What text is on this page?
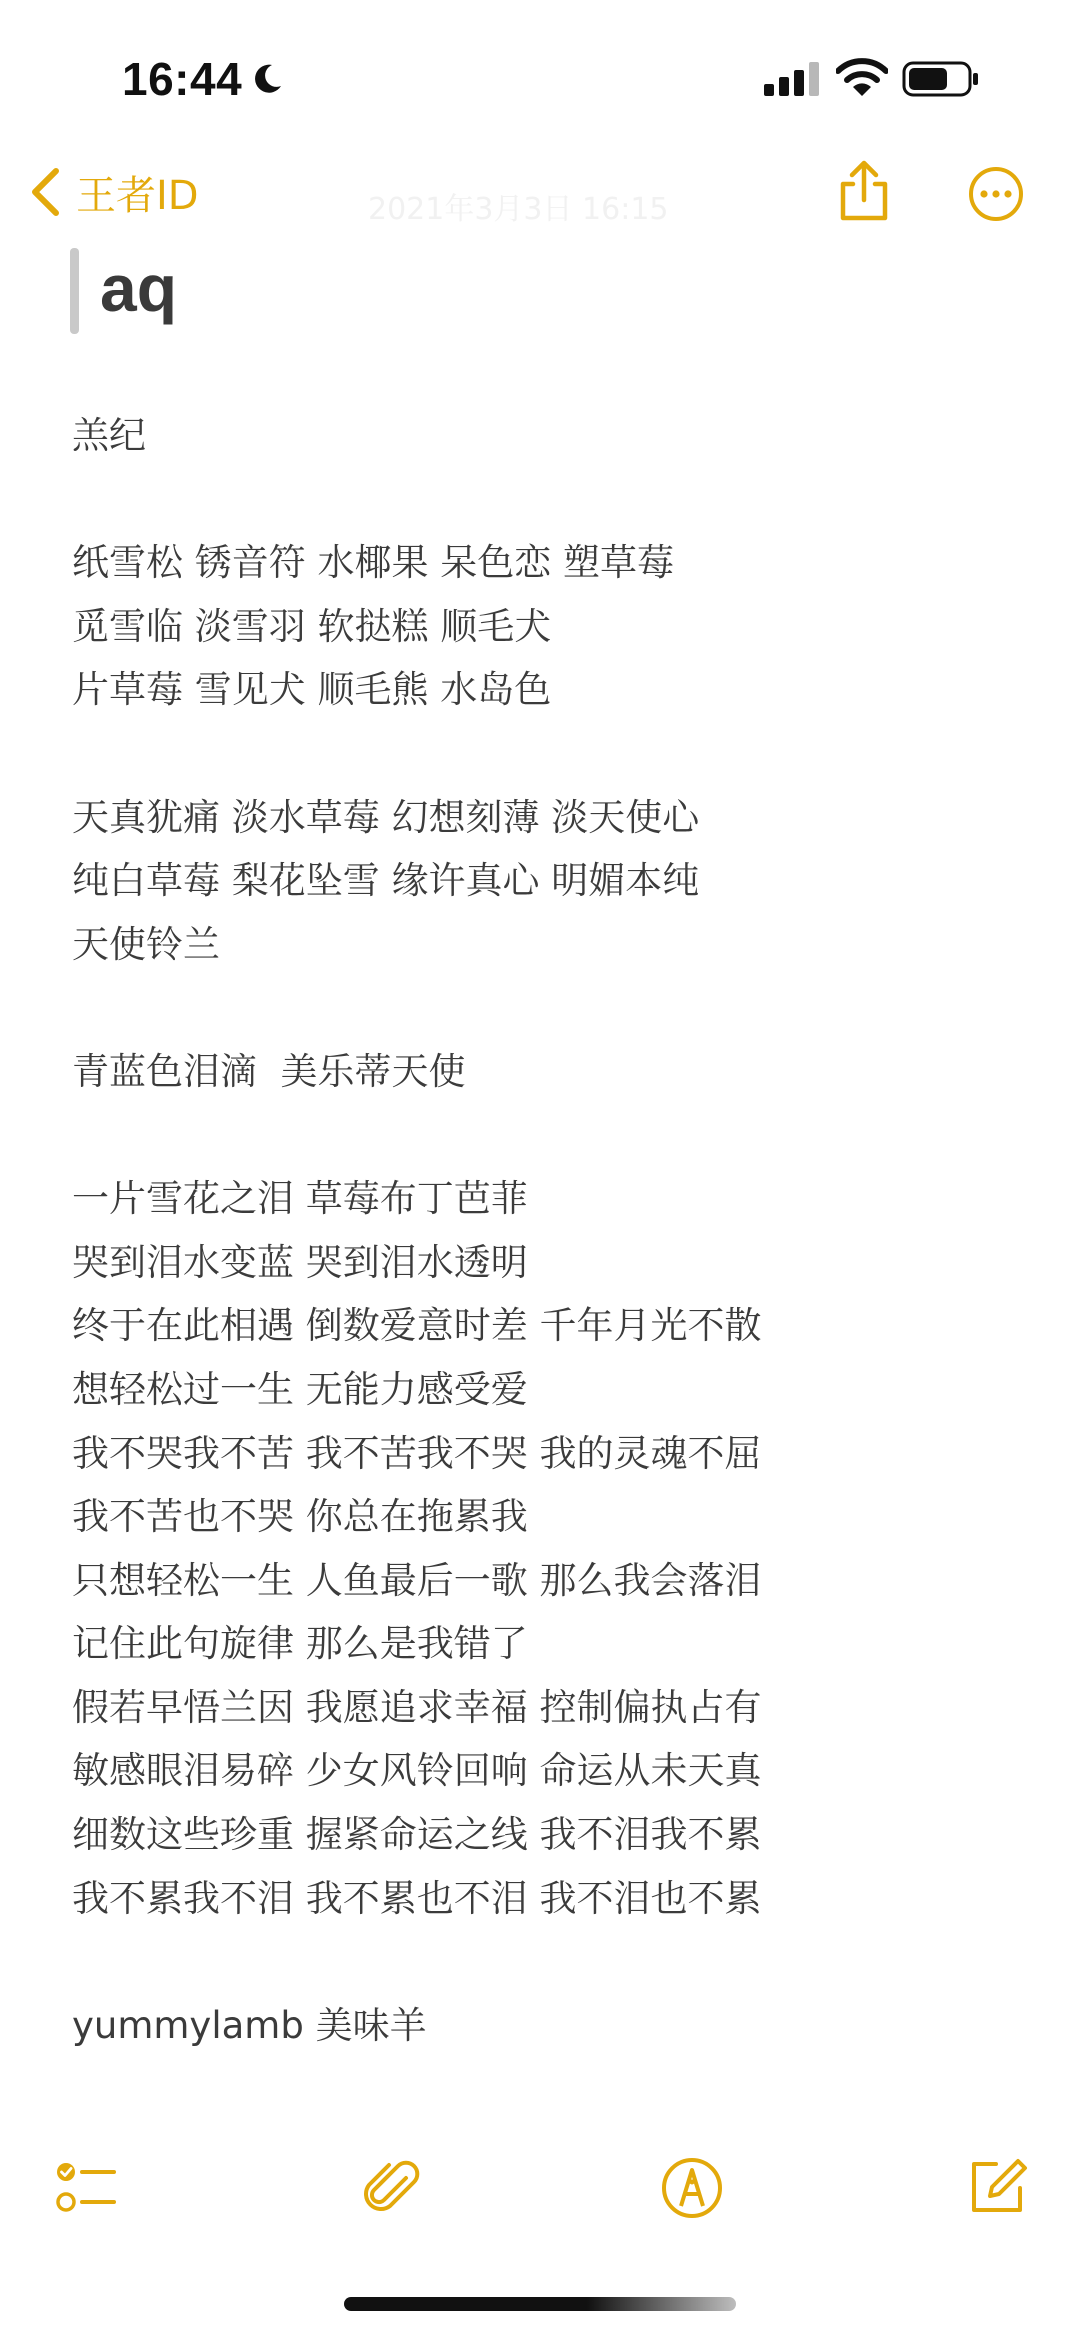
16:44
王者ID	2021年3月3日 16:15
aq
羔纪
纸雪松 锈音符 水椰果 呆色恋 塑草莓
觅雪临 淡雪羽 软挞糕 顺毛犬
片草莓 雪见犬 顺毛熊 水岛色
天真犹痛 淡水草莓 幻想刻薄 淡天使心
纯白草莓 梨花坠雪 缘许真心 明媚本纯
天使铃兰
青蓝色泪滴  美乐蒂天使
一片雪花之泪 草莓布丁芭菲
哭到泪水变蓝 哭到泪水透明
终于在此相遇 倒数爱意时差 千年月光不散
想轻松过一生 无能力感受爱
我不哭我不苦 我不苦我不哭 我的灵魂不屈
我不苦也不哭 你总在拖累我
只想轻松一生 人鱼最后一歌 那么我会落泪
记住此句旋律 那么是我错了
假若早悟兰因 我愿追求幸福 控制偏执占有
敏感眼泪易碎 少女风铃回响 命运从未天真
细数这些珍重 握紧命运之线 我不泪我不累
我不累我不泪 我不累也不泪 我不泪也不累
yummylamb 美味羊
